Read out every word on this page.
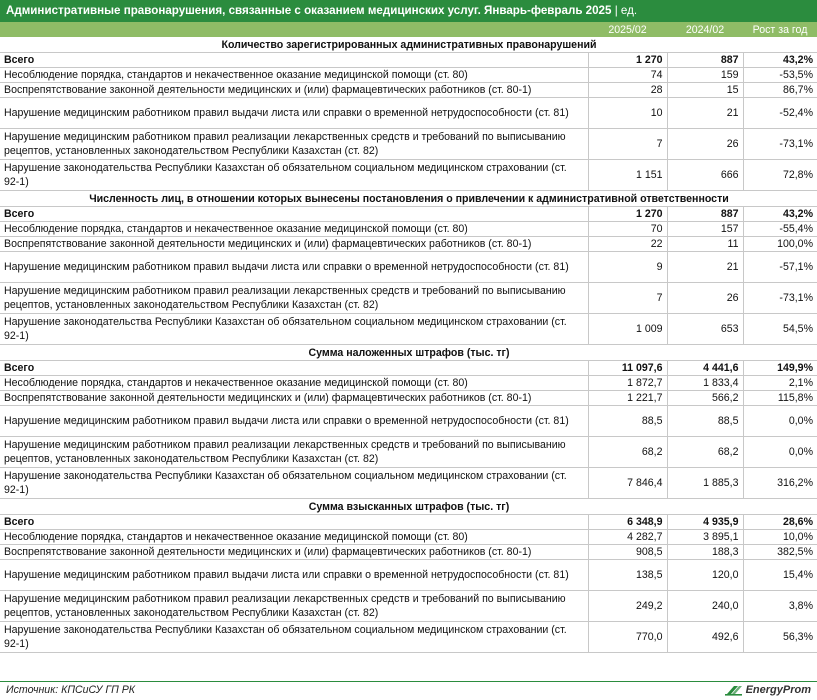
Административные правонарушения, связанные с оказанием медицинских услуг. Январь-февраль 2025 | ед.
	2025/02	2024/02	Рост за год
Количество зарегистрированных административных правонарушений			
Всего	1 270	887	43,2%
Несоблюдение порядка, стандартов и некачественное оказание медицинской помощи (ст. 80)	74	159	-53,5%
Воспрепятствование законной деятельности медицинских и (или) фармацевтических работников (ст. 80-1)	28	15	86,7%
Нарушение медицинским работником правил выдачи листа или справки о временной нетрудоспособности (ст. 81)	10	21	-52,4%
Нарушение медицинским работником правил реализации лекарственных средств и требований по выписыванию рецептов, установленных законодательством Республики Казахстан (ст. 82)	7	26	-73,1%
Нарушение законодательства Республики Казахстан об обязательном социальном медицинском страховании (ст. 92-1)	1 151	666	72,8%
Численность лиц, в отношении которых вынесены постановления о привлечении к административной ответственности			
Всего	1 270	887	43,2%
Несоблюдение порядка, стандартов и некачественное оказание медицинской помощи (ст. 80)	70	157	-55,4%
Воспрепятствование законной деятельности медицинских и (или) фармацевтических работников (ст. 80-1)	22	11	100,0%
Нарушение медицинским работником правил выдачи листа или справки о временной нетрудоспособности (ст. 81)	9	21	-57,1%
Нарушение медицинским работником правил реализации лекарственных средств и требований по выписыванию рецептов, установленных законодательством Республики Казахстан (ст. 82)	7	26	-73,1%
Нарушение законодательства Республики Казахстан об обязательном социальном медицинском страховании (ст. 92-1)	1 009	653	54,5%
Сумма наложенных штрафов (тыс. тг)			
Всего	11 097,6	4 441,6	149,9%
Несоблюдение порядка, стандартов и некачественное оказание медицинской помощи (ст. 80)	1 872,7	1 833,4	2,1%
Воспрепятствование законной деятельности медицинских и (или) фармацевтических работников (ст. 80-1)	1 221,7	566,2	115,8%
Нарушение медицинским работником правил выдачи листа или справки о временной нетрудоспособности (ст. 81)	88,5	88,5	0,0%
Нарушение медицинским работником правил реализации лекарственных средств и требований по выписыванию рецептов, установленных законодательством Республики Казахстан (ст. 82)	68,2	68,2	0,0%
Нарушение законодательства Республики Казахстан об обязательном социальном медицинском страховании (ст. 92-1)	7 846,4	1 885,3	316,2%
Сумма взысканных штрафов (тыс. тг)			
Всего	6 348,9	4 935,9	28,6%
Несоблюдение порядка, стандартов и некачественное оказание медицинской помощи (ст. 80)	4 282,7	3 895,1	10,0%
Воспрепятствование законной деятельности медицинских и (или) фармацевтических работников (ст. 80-1)	908,5	188,3	382,5%
Нарушение медицинским работником правил выдачи листа или справки о временной нетрудоспособности (ст. 81)	138,5	120,0	15,4%
Нарушение медицинским работником правил реализации лекарственных средств и требований по выписыванию рецептов, установленных законодательством Республики Казахстан (ст. 82)	249,2	240,0	3,8%
Нарушение законодательства Республики Казахстан об обязательном социальном медицинском страховании (ст. 92-1)	770,0	492,6	56,3%
Источник: КПСиСУ ГП РК	EnergyProm
